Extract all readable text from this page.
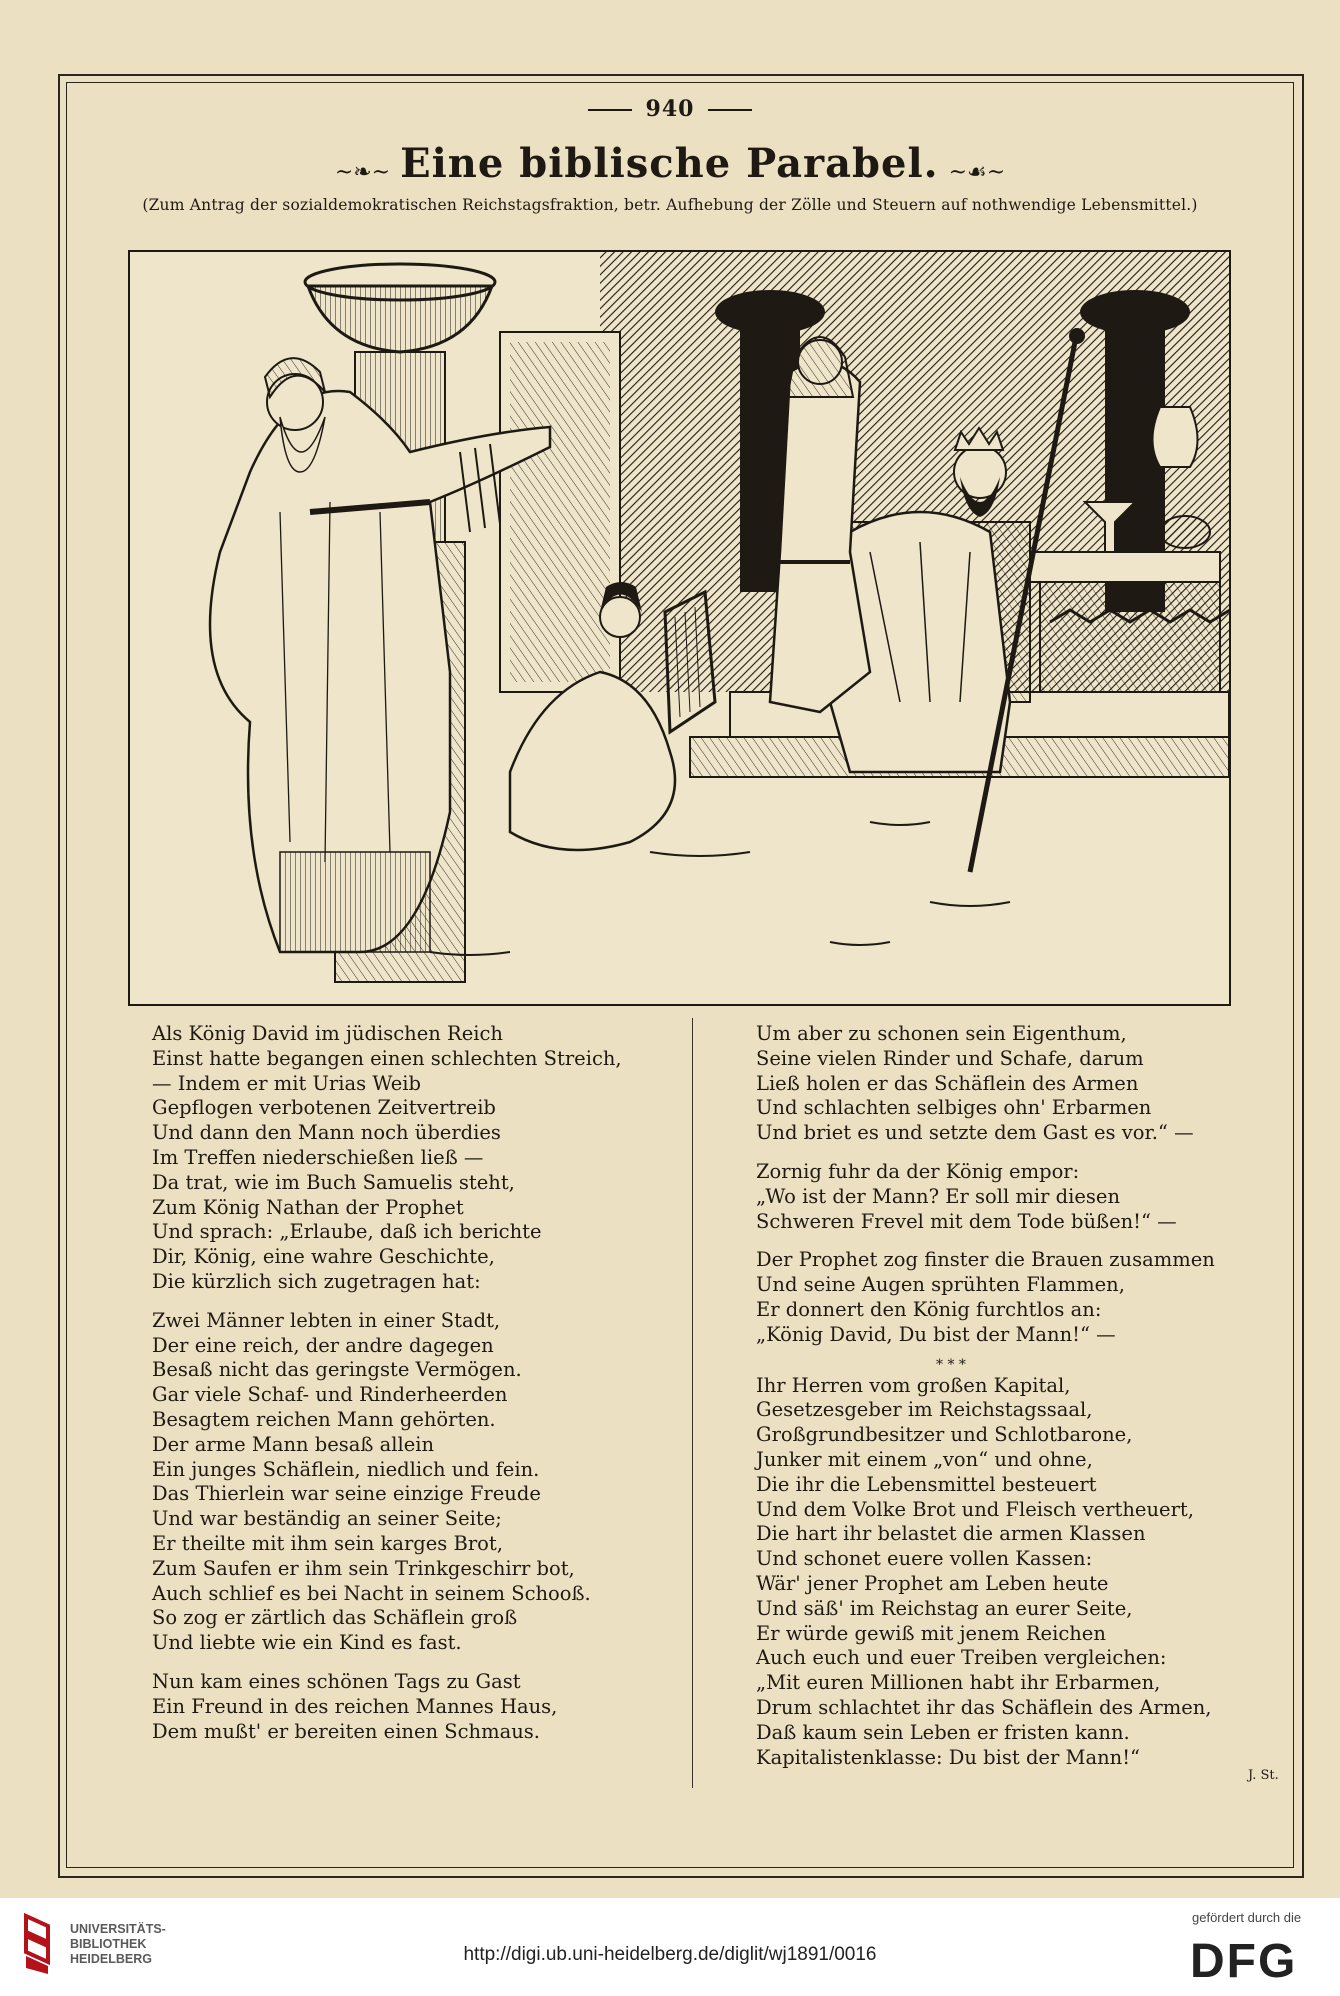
940
~❧~ Eine biblische Parabel. ~☙~
(Zum Antrag der sozialdemokratischen Reichstagsfraktion, betr. Aufhebung der Zölle und Steuern auf nothwendige Lebensmittel.)
Als König David im jüdischen Reich
Einst hatte begangen einen schlechten Streich,
— Indem er mit Urias Weib
Gepflogen verbotenen Zeitvertreib
Und dann den Mann noch überdies
Im Treffen niederschießen ließ —
Da trat, wie im Buch Samuelis steht,
Zum König Nathan der Prophet
Und sprach: „Erlaube, daß ich berichte
Dir, König, eine wahre Geschichte,
Die kürzlich sich zugetragen hat:
Zwei Männer lebten in einer Stadt,
Der eine reich, der andre dagegen
Besaß nicht das geringste Vermögen.
Gar viele Schaf- und Rinderheerden
Besagtem reichen Mann gehörten.
Der arme Mann besaß allein
Ein junges Schäflein, niedlich und fein.
Das Thierlein war seine einzige Freude
Und war beständig an seiner Seite;
Er theilte mit ihm sein karges Brot,
Zum Saufen er ihm sein Trinkgeschirr bot,
Auch schlief es bei Nacht in seinem Schooß.
So zog er zärtlich das Schäflein groß
Und liebte wie ein Kind es fast.
Nun kam eines schönen Tags zu Gast
Ein Freund in des reichen Mannes Haus,
Dem mußt' er bereiten einen Schmaus.
Um aber zu schonen sein Eigenthum,
Seine vielen Rinder und Schafe, darum
Ließ holen er das Schäflein des Armen
Und schlachten selbiges ohn' Erbarmen
Und briet es und setzte dem Gast es vor.“ —
Zornig fuhr da der König empor:
„Wo ist der Mann? Er soll mir diesen
Schweren Frevel mit dem Tode büßen!“ —
Der Prophet zog finster die Brauen zusammen
Und seine Augen sprühten Flammen,
Er donnert den König furchtlos an:
„König David, Du bist der Mann!“ —
* * *
Ihr Herren vom großen Kapital,
Gesetzesgeber im Reichstagssaal,
Großgrundbesitzer und Schlotbarone,
Junker mit einem „von“ und ohne,
Die ihr die Lebensmittel besteuert
Und dem Volke Brot und Fleisch vertheuert,
Die hart ihr belastet die armen Klassen
Und schonet euere vollen Kassen:
Wär' jener Prophet am Leben heute
Und säß' im Reichstag an eurer Seite,
Er würde gewiß mit jenem Reichen
Auch euch und euer Treiben vergleichen:
„Mit euren Millionen habt ihr Erbarmen,
Drum schlachtet ihr das Schäflein des Armen,
Daß kaum sein Leben er fristen kann.
Kapitalistenklasse: Du bist der Mann!“
J. St.
UNIVERSITÄTS-
BIBLIOTHEK
HEIDELBERG	http://digi.ub.uni-heidelberg.de/diglit/wj1891/0016
gefördert durch die
DFG
